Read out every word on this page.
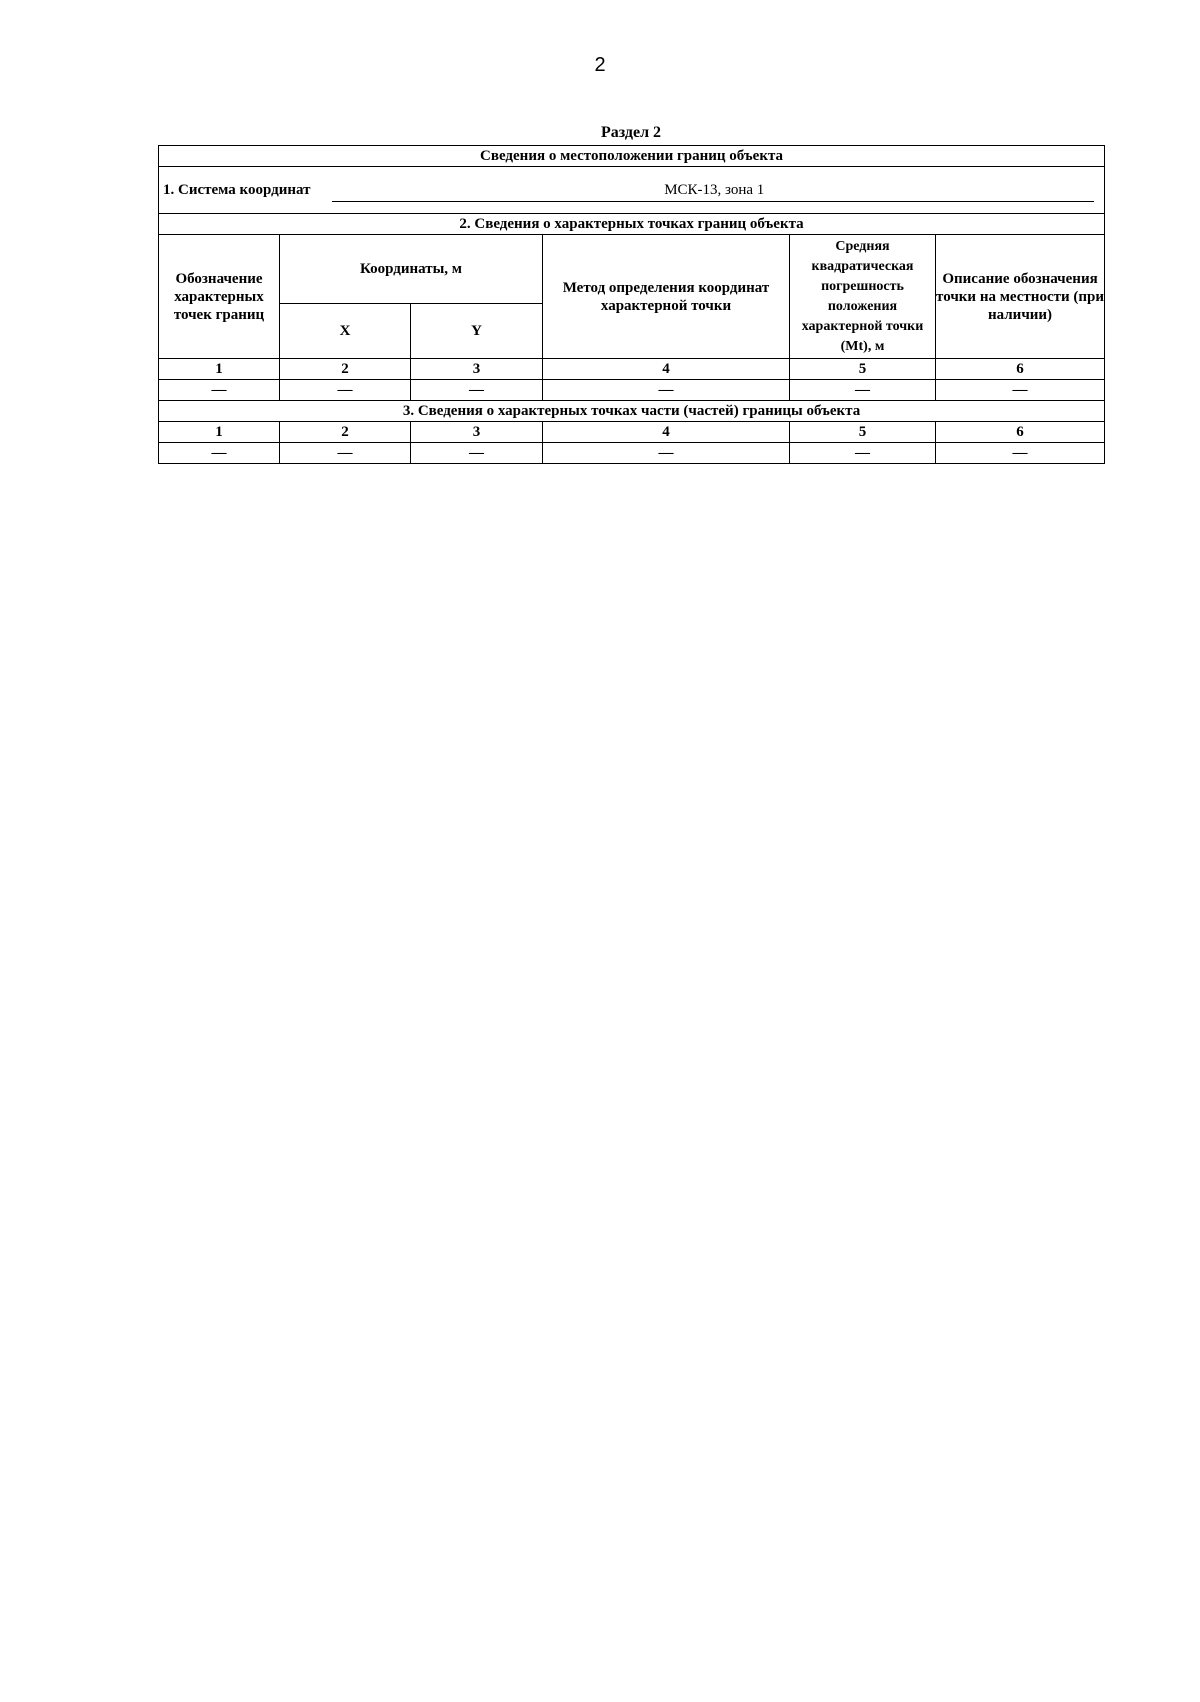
2
Раздел 2
Сведения о местоположении границ объекта					

1. Система координат МСК-13, зона 1					

2. Сведения о характерных точках границ объекта					
Обозначение характерных точек границ	Координаты, м		Метод определения координат характерной точки	Средняя квадратическая погрешность положения характерной точки (Mt), м	Описание обозначения точки на местности (при наличии)
	X	Y			
1	2	3	4	5	6
—	—	—	—	—	—
3. Сведения о характерных точках части (частей) границы объекта					
1	2	3	4	5	6
—	—	—	—	—	—
